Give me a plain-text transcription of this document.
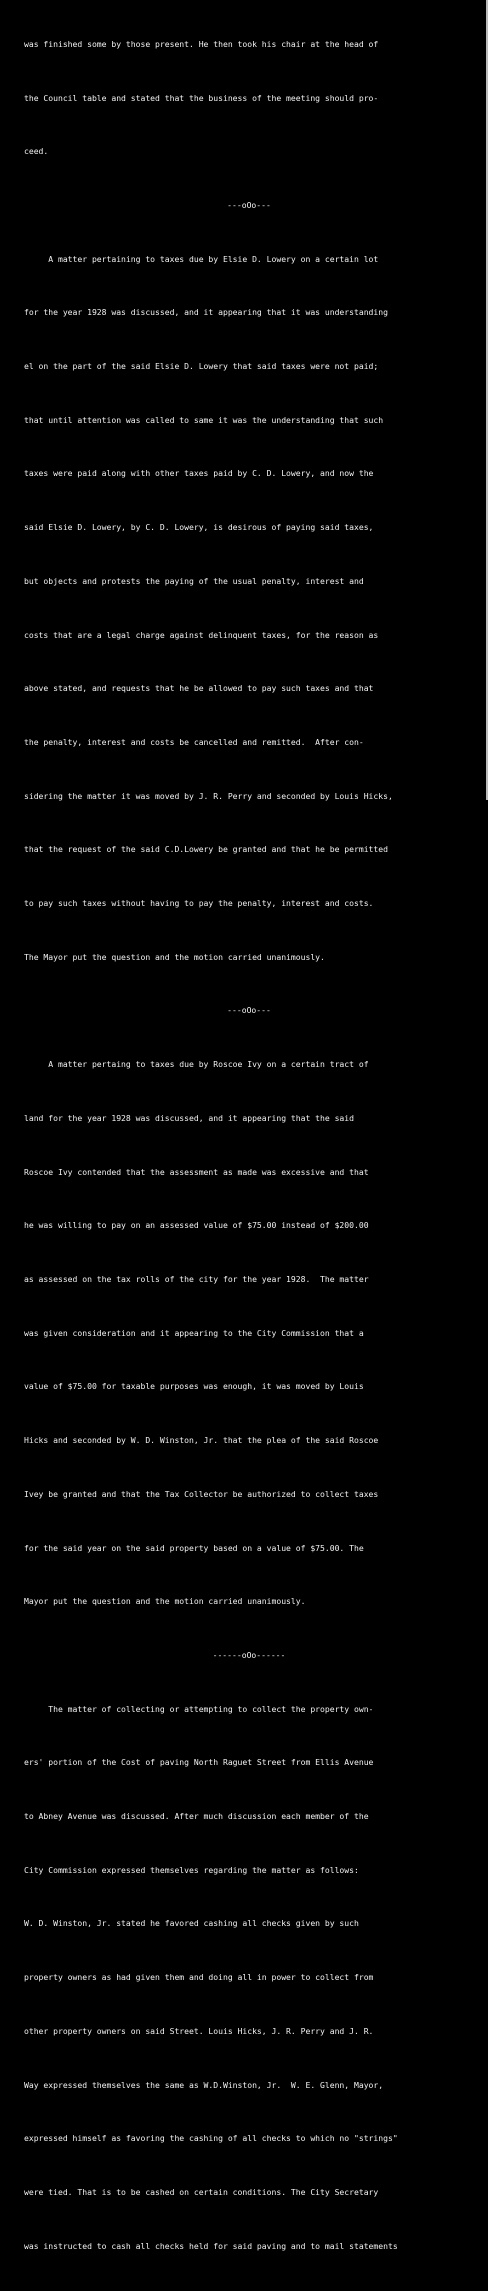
was finished some by those present. He then took his chair at the head of

the Council table and stated that the business of the meeting should pro-

ceed.

---oOo---

A matter pertaining to taxes due by Elsie D. Lowery on a certain lot

for the year 1928 was discussed, and it appearing that it was understanding

el on the part of the said Elsie D. Lowery that said taxes were not paid;

that until attention was called to same it was the understanding that such

taxes were paid along with other taxes paid by C. D. Lowery, and now the

said Elsie D. Lowery, by C. D. Lowery, is desirous of paying said taxes,

but objects and protests the paying of the usual penalty, interest and

costs that are a legal charge against delinquent taxes, for the reason as

above stated, and requests that he be allowed to pay such taxes and that

the penalty, interest and costs be cancelled and remitted.  After con-

sidering the matter it was moved by J. R. Perry and seconded by Louis Hicks,

that the request of the said C.D.Lowery be granted and that he be permitted

to pay such taxes without having to pay the penalty, interest and costs.

The Mayor put the question and the motion carried unanimously.

---oOo---

A matter pertaing to taxes due by Roscoe Ivy on a certain tract of

land for the year 1928 was discussed, and it appearing that the said

Roscoe Ivy contended that the assessment as made was excessive and that

he was willing to pay on an assessed value of $75.00 instead of $200.00

as assessed on the tax rolls of the city for the year 1928.  The matter

was given consideration and it appearing to the City Commission that a

value of $75.00 for taxable purposes was enough, it was moved by Louis

Hicks and seconded by W. D. Winston, Jr. that the plea of the said Roscoe

Ivey be granted and that the Tax Collector be authorized to collect taxes

for the said year on the said property based on a value of $75.00. The

Mayor put the question and the motion carried unanimously.

------oOo------

The matter of collecting or attempting to collect the property own-

ers' portion of the Cost of paving North Raguet Street from Ellis Avenue

to Abney Avenue was discussed. After much discussion each member of the

City Commission expressed themselves regarding the matter as follows:

W. D. Winston, Jr. stated he favored cashing all checks given by such

property owners as had given them and doing all in power to collect from

other property owners on said Street. Louis Hicks, J. R. Perry and J. R.

Way expressed themselves the same as W.D.Winston, Jr.  W. E. Glenn, Mayor,

expressed himself as favoring the cashing of all checks to which no "strings"

were tied. That is to be cashed on certain conditions. The City Secretary

was instructed to cash all checks held for said paving and to mail statements
